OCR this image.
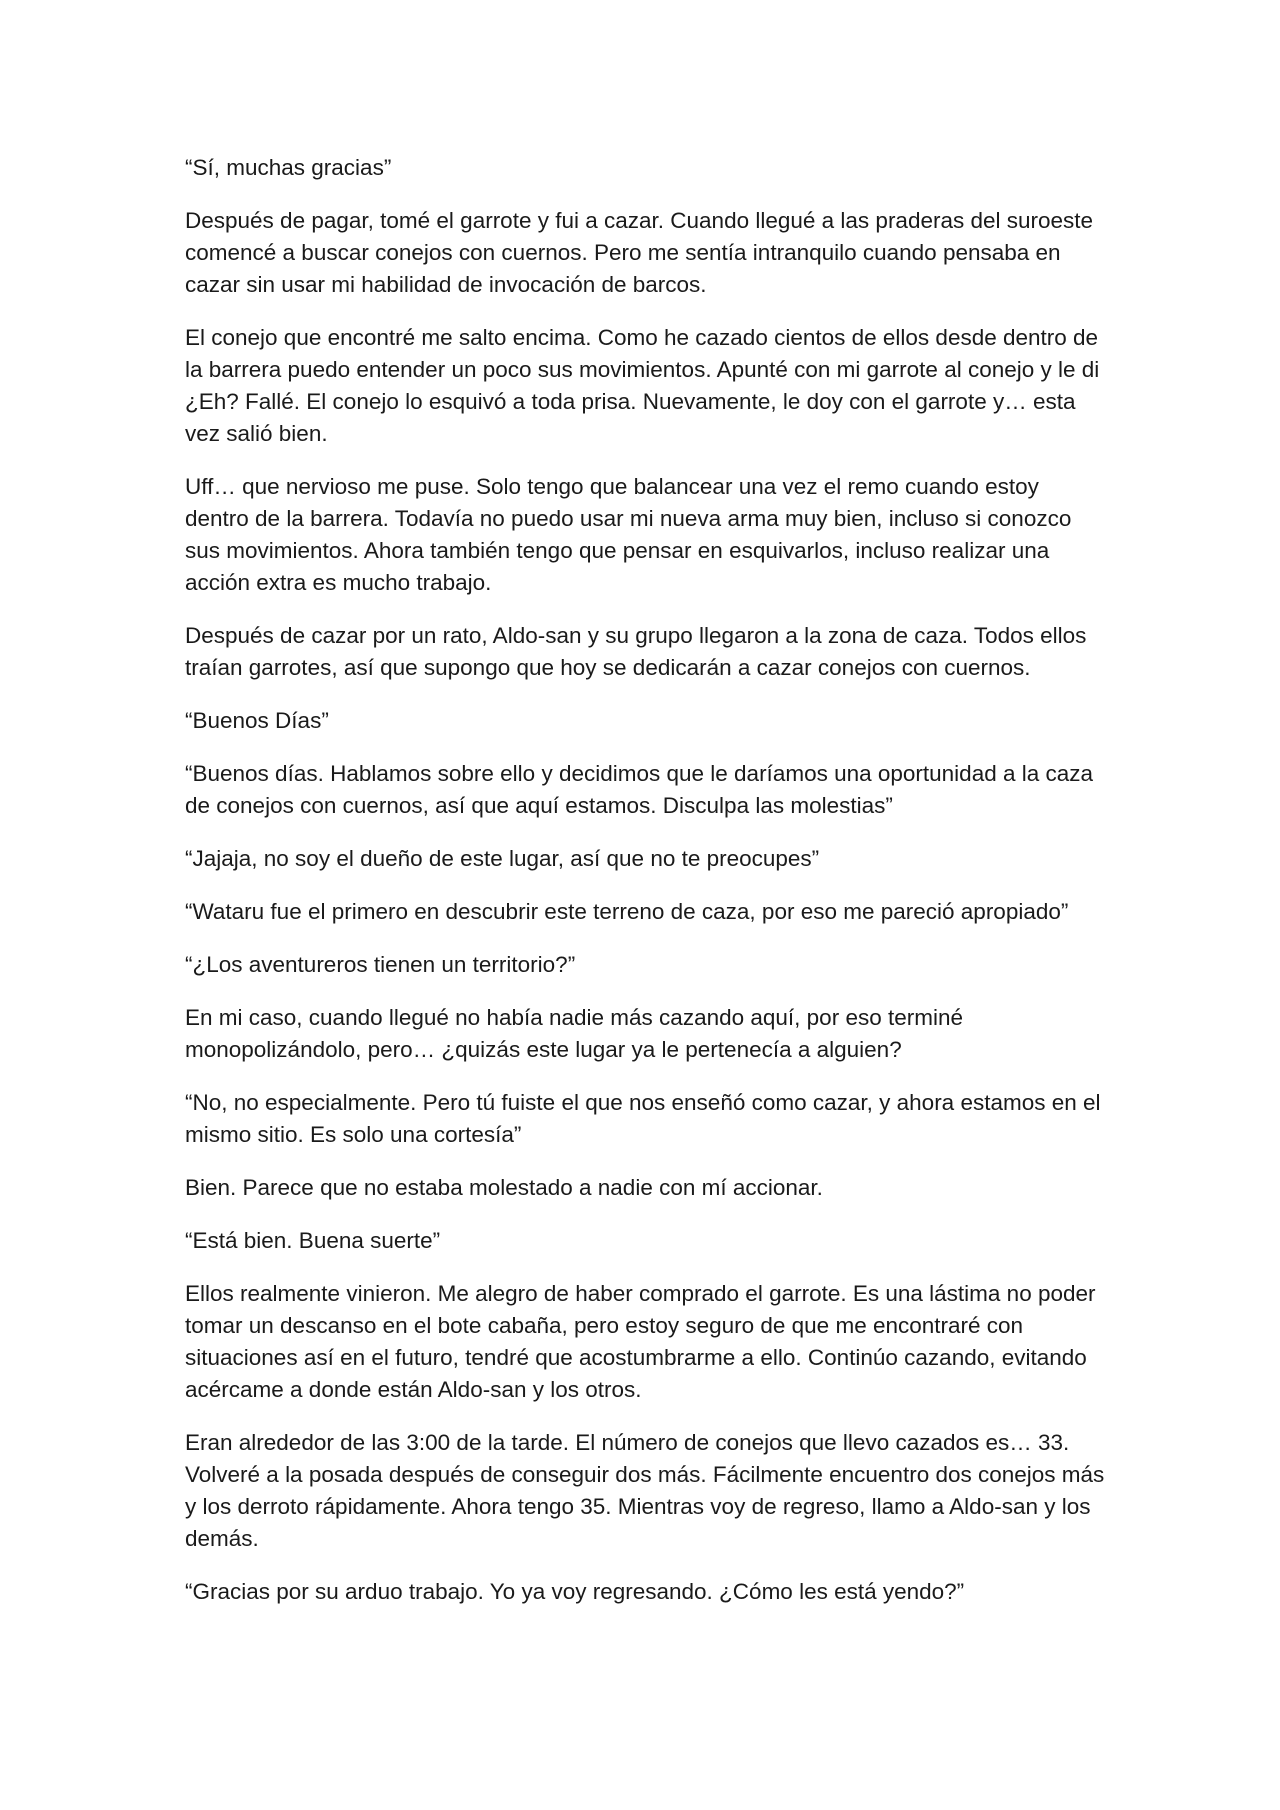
“Sí, muchas gracias”

Después de pagar, tomé el garrote y fui a cazar. Cuando llegué a las praderas del suroeste comencé a buscar conejos con cuernos. Pero me sentía intranquilo cuando pensaba en cazar sin usar mi habilidad de invocación de barcos.

El conejo que encontré me salto encima. Como he cazado cientos de ellos desde dentro de la barrera puedo entender un poco sus movimientos. Apunté con mi garrote al conejo y le di ¿Eh? Fallé. El conejo lo esquivó a toda prisa. Nuevamente, le doy con el garrote y… esta vez salió bien.

Uff… que nervioso me puse. Solo tengo que balancear una vez el remo cuando estoy dentro de la barrera. Todavía no puedo usar mi nueva arma muy bien, incluso si conozco sus movimientos. Ahora también tengo que pensar en esquivarlos, incluso realizar una acción extra es mucho trabajo.

Después de cazar por un rato, Aldo-san y su grupo llegaron a la zona de caza. Todos ellos traían garrotes, así que supongo que hoy se dedicarán a cazar conejos con cuernos.

“Buenos Días”

“Buenos días. Hablamos sobre ello y decidimos que le daríamos una oportunidad a la caza de conejos con cuernos, así que aquí estamos. Disculpa las molestias”

“Jajaja, no soy el dueño de este lugar, así que no te preocupes”

“Wataru fue el primero en descubrir este terreno de caza, por eso me pareció apropiado”

“¿Los aventureros tienen un territorio?”

En mi caso, cuando llegué no había nadie más cazando aquí, por eso terminé monopolizándolo, pero… ¿quizás este lugar ya le pertenecía a alguien?

“No, no especialmente. Pero tú fuiste el que nos enseñó como cazar, y ahora estamos en el mismo sitio. Es solo una cortesía”

Bien. Parece que no estaba molestado a nadie con mí accionar.

“Está bien. Buena suerte”

Ellos realmente vinieron. Me alegro de haber comprado el garrote. Es una lástima no poder tomar un descanso en el bote cabaña, pero estoy seguro de que me encontraré con situaciones así en el futuro, tendré que acostumbrarme a ello. Continúo cazando, evitando acércame a donde están Aldo-san y los otros.

Eran alrededor de las 3:00 de la tarde. El número de conejos que llevo cazados es… 33. Volveré a la posada después de conseguir dos más. Fácilmente encuentro dos conejos más y los derroto rápidamente. Ahora tengo 35. Mientras voy de regreso, llamo a Aldo-san y los demás.

“Gracias por su arduo trabajo. Yo ya voy regresando. ¿Cómo les está yendo?”
